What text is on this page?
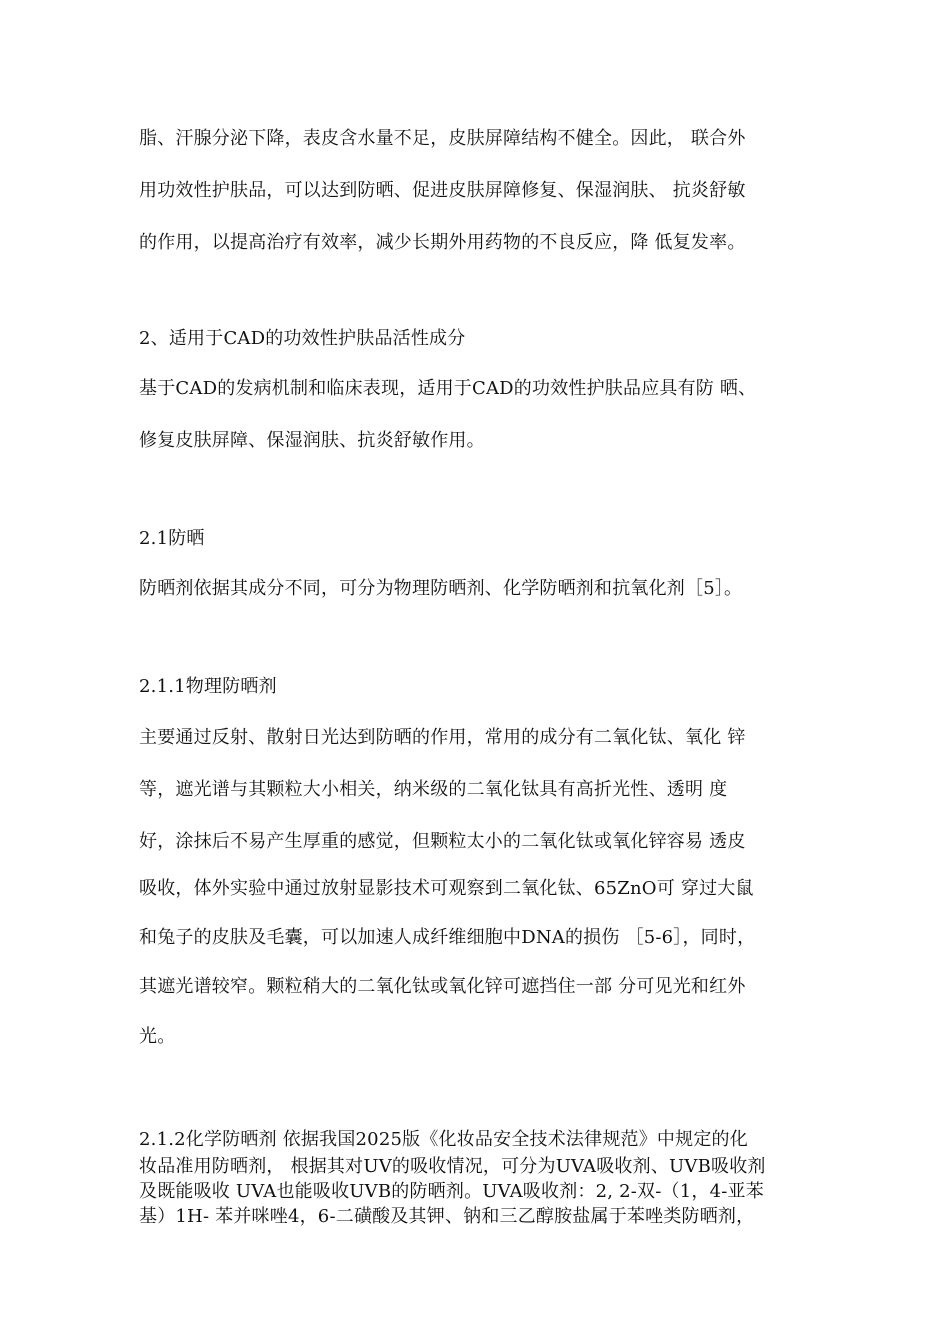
脂、汗腺分泌下降，表皮含水量不足，皮肤屏障结构不健全。因此， 联合外
用功效性护肤品，可以达到防晒、促进皮肤屏障修复、保湿润肤、 抗炎舒敏
的作用，以提高治疗有效率，减少长期外用药物的不良反应，降 低复发率。
2、适用于CAD的功效性护肤品活性成分
基于CAD的发病机制和临床表现，适用于CAD的功效性护肤品应具有防 晒、
修复皮肤屏障、保湿润肤、抗炎舒敏作用。
2.1防晒
防晒剂依据其成分不同，可分为物理防晒剂、化学防晒剂和抗氧化剂［5］。
2.1.1物理防晒剂
主要通过反射、散射日光达到防晒的作用，常用的成分有二氧化钛、氧化 锌
等，遮光谱与其颗粒大小相关，纳米级的二氧化钛具有高折光性、透明 度
好，涂抹后不易产生厚重的感觉，但颗粒太小的二氧化钛或氧化锌容易 透皮
吸收，体外实验中通过放射显影技术可观察到二氧化钛、65ZnO可 穿过大鼠
和兔子的皮肤及毛囊，可以加速人成纤维细胞中DNA的损伤 ［5-6］，同时，
其遮光谱较窄。颗粒稍大的二氧化钛或氧化锌可遮挡住一部 分可见光和红外
光。
2.1.2化学防晒剂 依据我国2025版《化妆品安全技术法律规范》中规定的化
妆品准用防晒剂， 根据其对UV的吸收情况，可分为UVA吸收剂、UVB吸收剂
及既能吸收 UVA也能吸收UVB的防晒剂。UVA吸收剂：2, 2-双-（1，4-亚苯
基）1H- 苯并咪唑4，6-二磺酸及其钾、钠和三乙醇胺盐属于苯唑类防晒剂，
